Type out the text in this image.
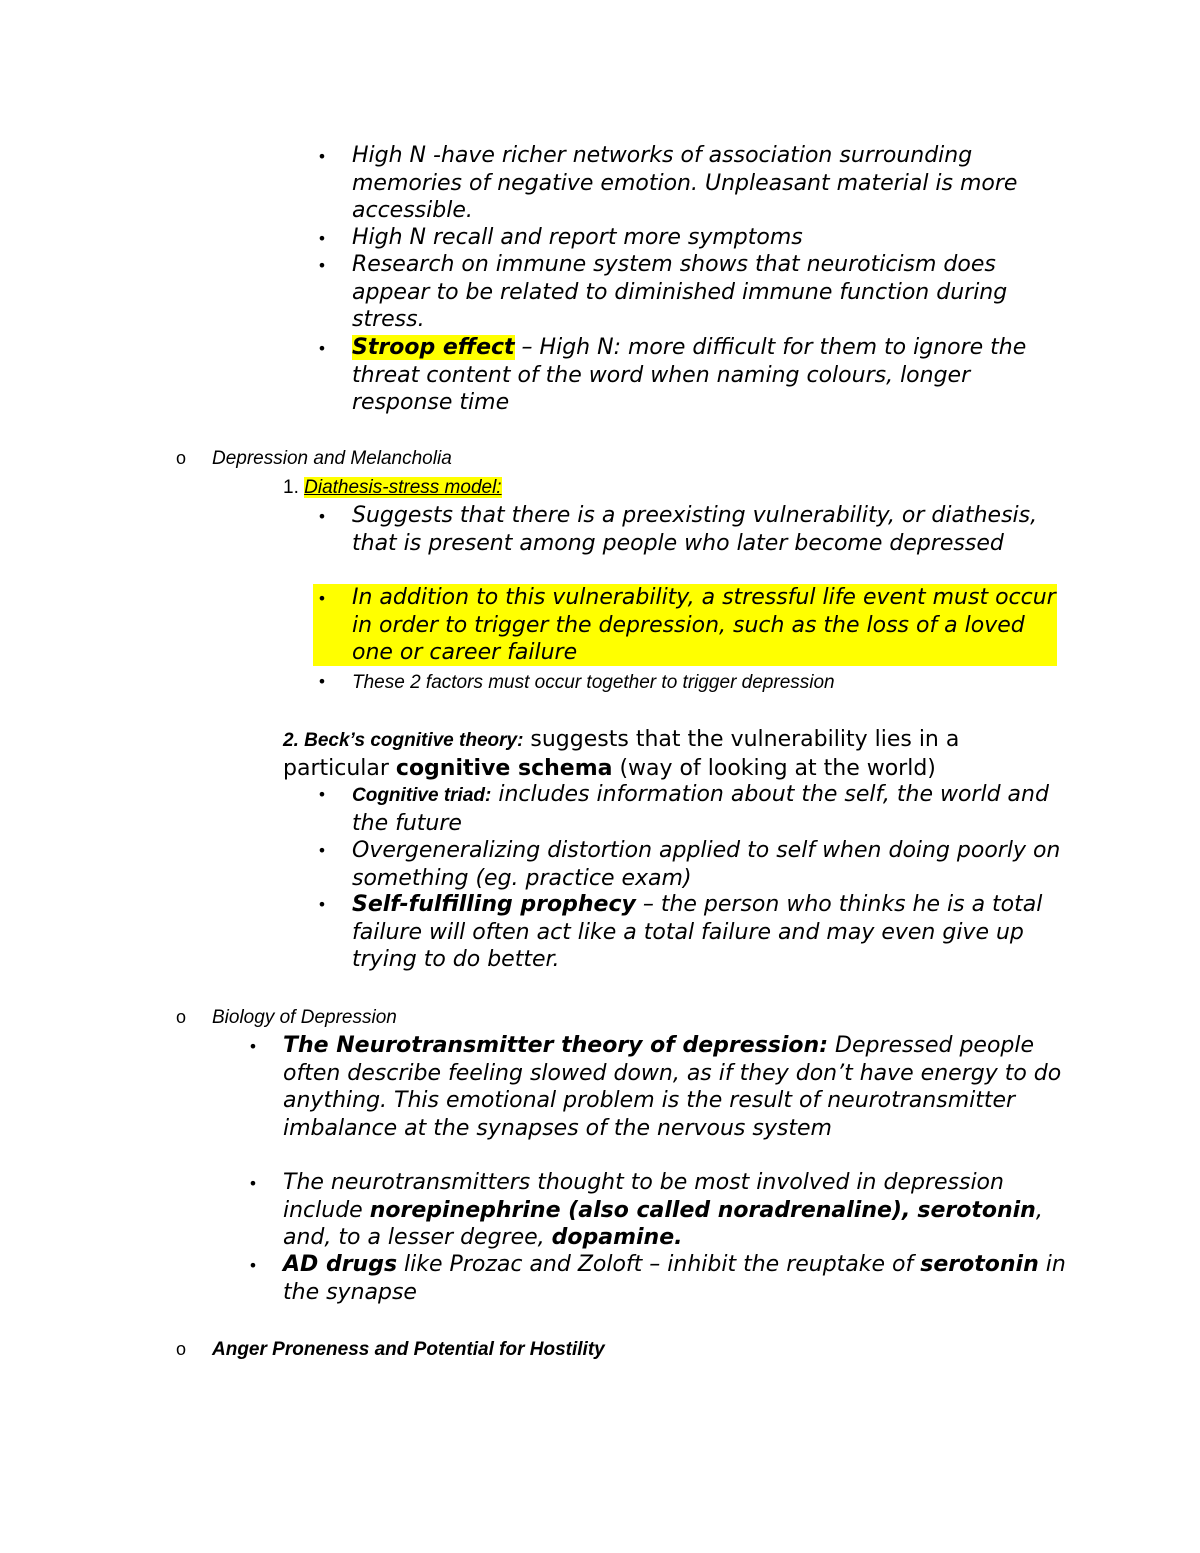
• High N -have richer networks of association surrounding memories of negative emotion. Unpleasant material is more accessible.
• High N recall and report more symptoms
• Research on immune system shows that neuroticism does appear to be related to diminished immune function during stress.
• Stroop effect – High N: more difficult for them to ignore the threat content of the word when naming colours, longer response time
o Depression and Melancholia
1. Diathesis-stress model:
• Suggests that there is a preexisting vulnerability, or diathesis, that is present among people who later become depressed
• In addition to this vulnerability, a stressful life event must occur in order to trigger the depression, such as the loss of a loved one or career failure
• These 2 factors must occur together to trigger depression
2. Beck’s cognitive theory: suggests that the vulnerability lies in a particular cognitive schema (way of looking at the world)
• Cognitive triad: includes information about the self, the world and the future
• Overgeneralizing distortion applied to self when doing poorly on something (eg. practice exam)
• Self-fulfilling prophecy – the person who thinks he is a total failure will often act like a total failure and may even give up trying to do better.
o Biology of Depression
• The Neurotransmitter theory of depression: Depressed people often describe feeling slowed down, as if they don’t have energy to do anything. This emotional problem is the result of neurotransmitter imbalance at the synapses of the nervous system
• The neurotransmitters thought to be most involved in depression include norepinephrine (also called noradrenaline), serotonin, and, to a lesser degree, dopamine.
• AD drugs like Prozac and Zoloft – inhibit the reuptake of serotonin in the synapse
o Anger Proneness and Potential for Hostility
